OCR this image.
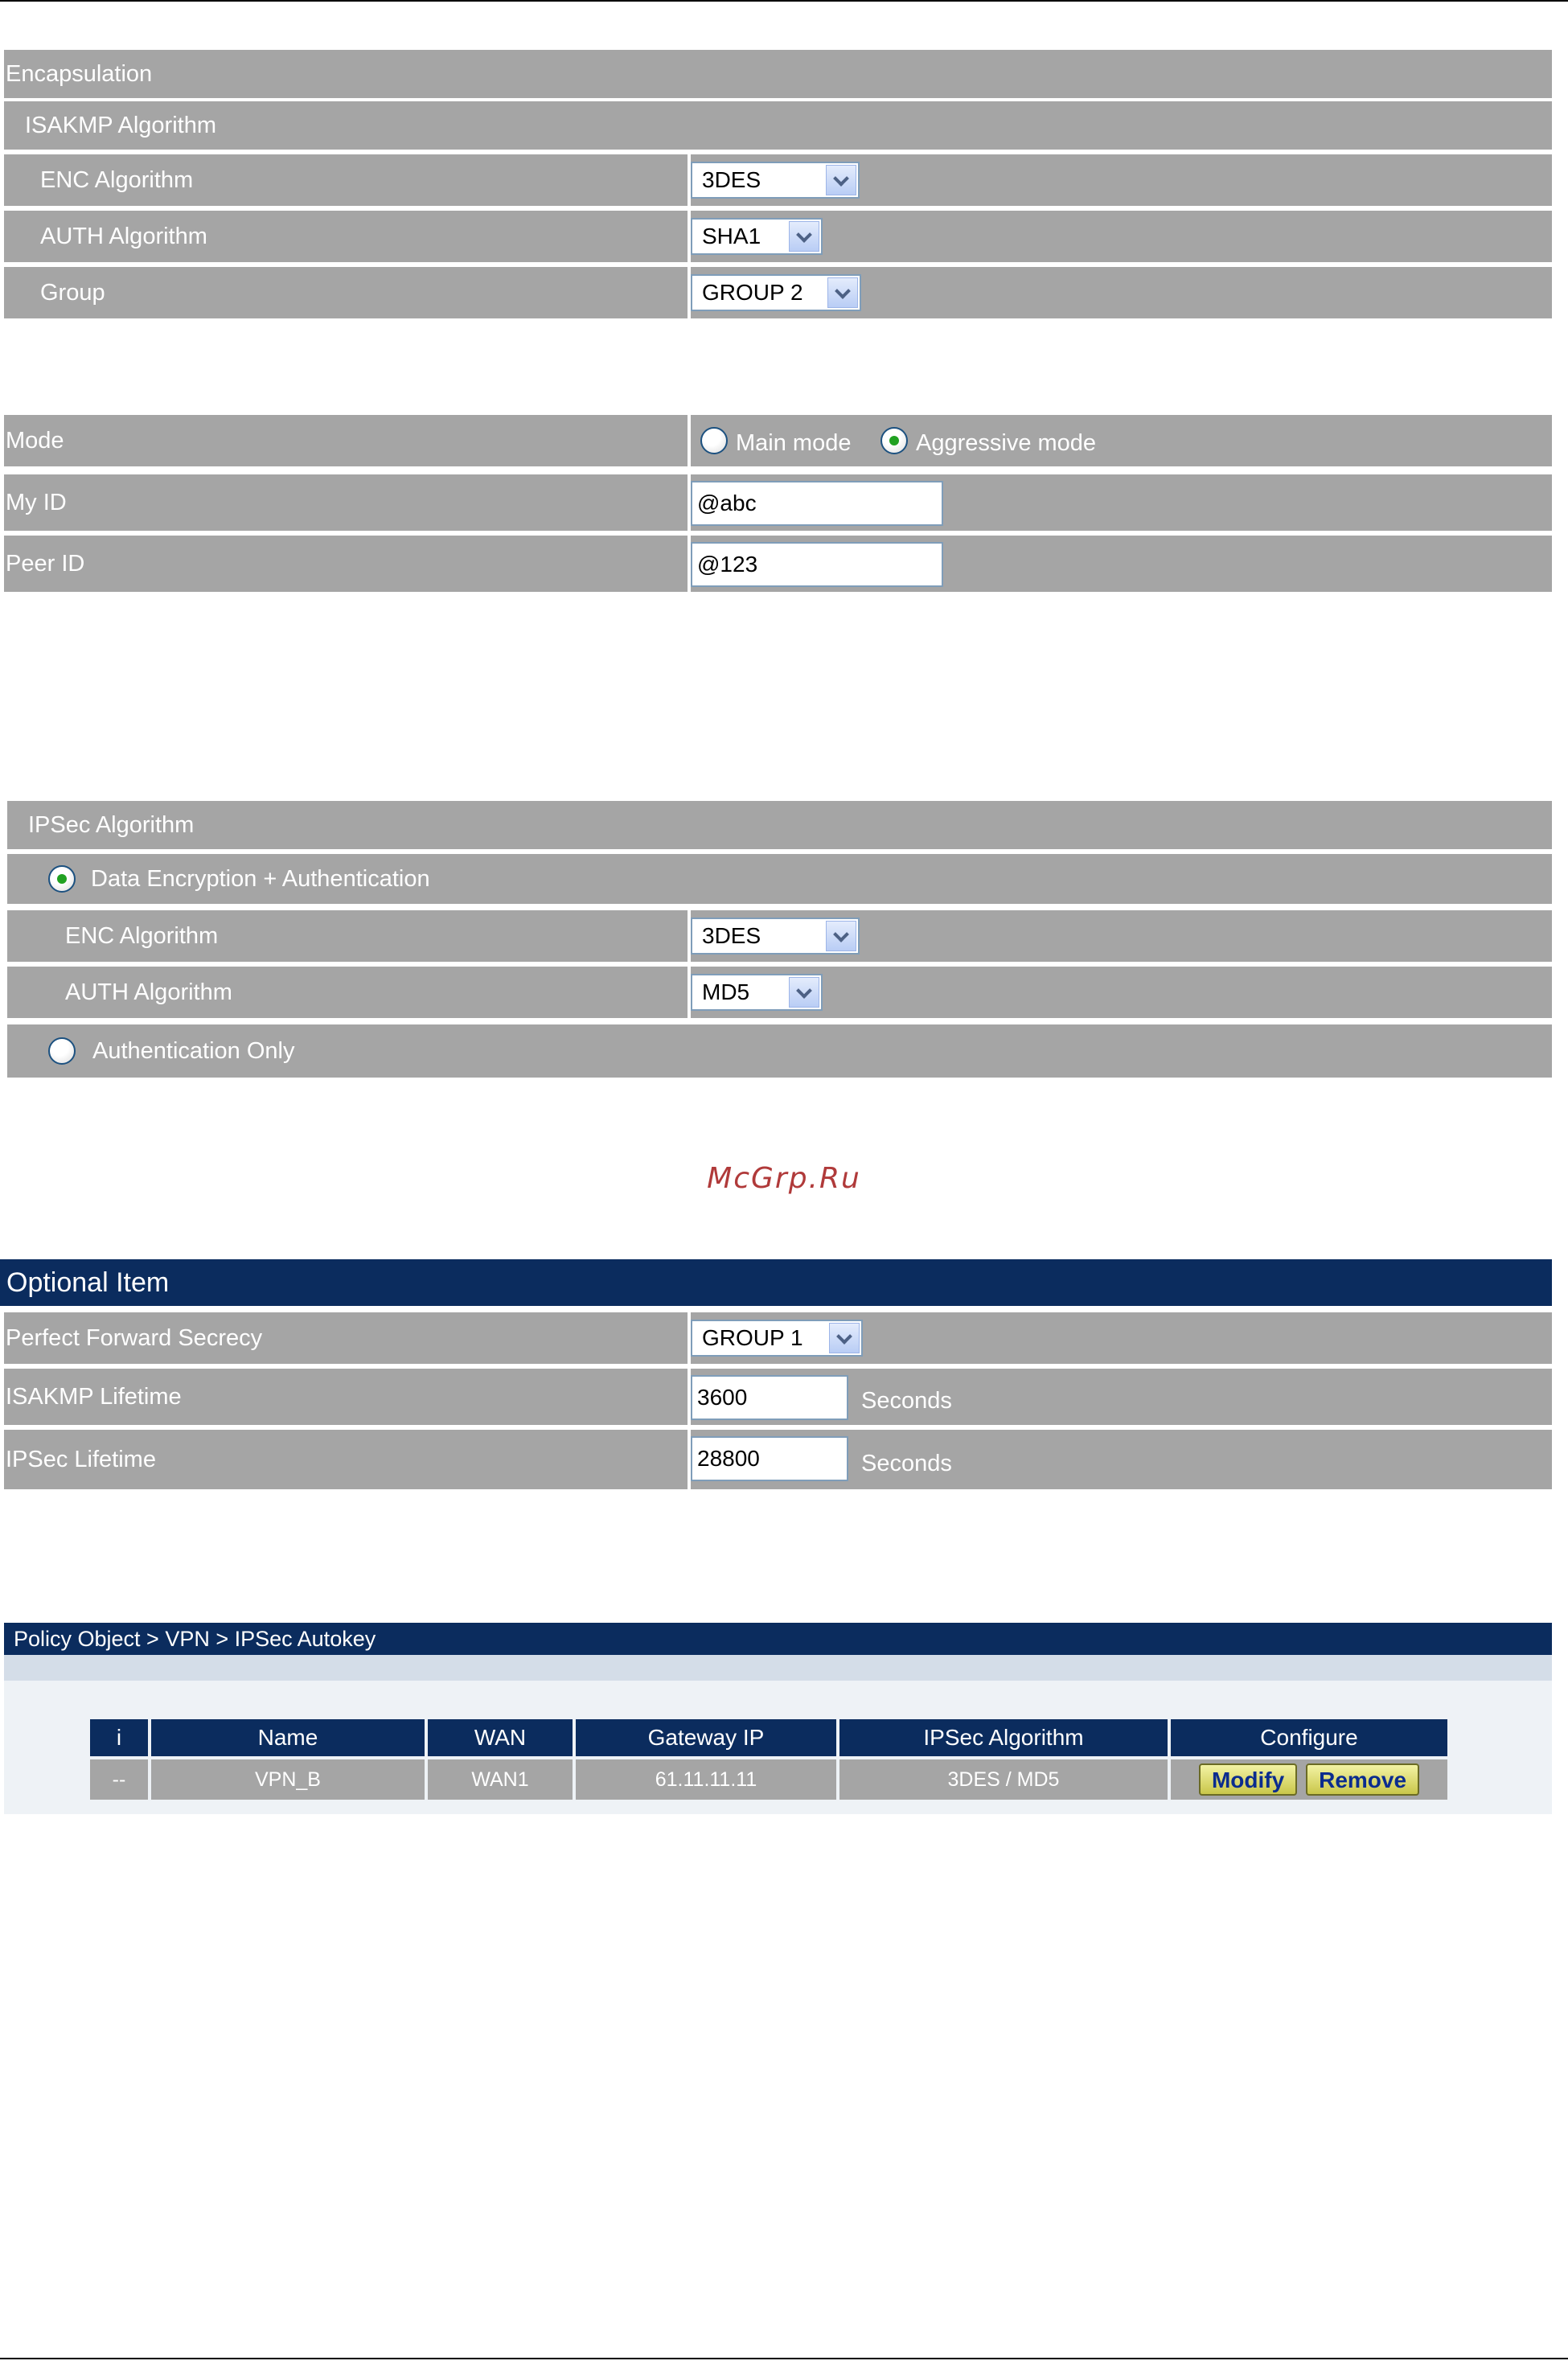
Encapsulation
ISAKMP Algorithm
ENC Algorithm	3DES
AUTH Algorithm	SHA1
Group	GROUP 2
Mode	Main mode	Aggressive mode
My ID	@abc
Peer ID	@123
IPSec Algorithm
Data Encryption + Authentication
ENC Algorithm	3DES
AUTH Algorithm	MD5
Authentication Only
McGrp.Ru
Optional Item
Perfect Forward Secrecy	GROUP 1
ISAKMP Lifetime	3600	Seconds
IPSec Lifetime	28800	Seconds
Policy Object > VPN > IPSec Autokey
i	Name	WAN	Gateway IP	IPSec Algorithm	Configure
--	VPN_B	WAN1	61.11.11.11	3DES / MD5	Modify Remove
